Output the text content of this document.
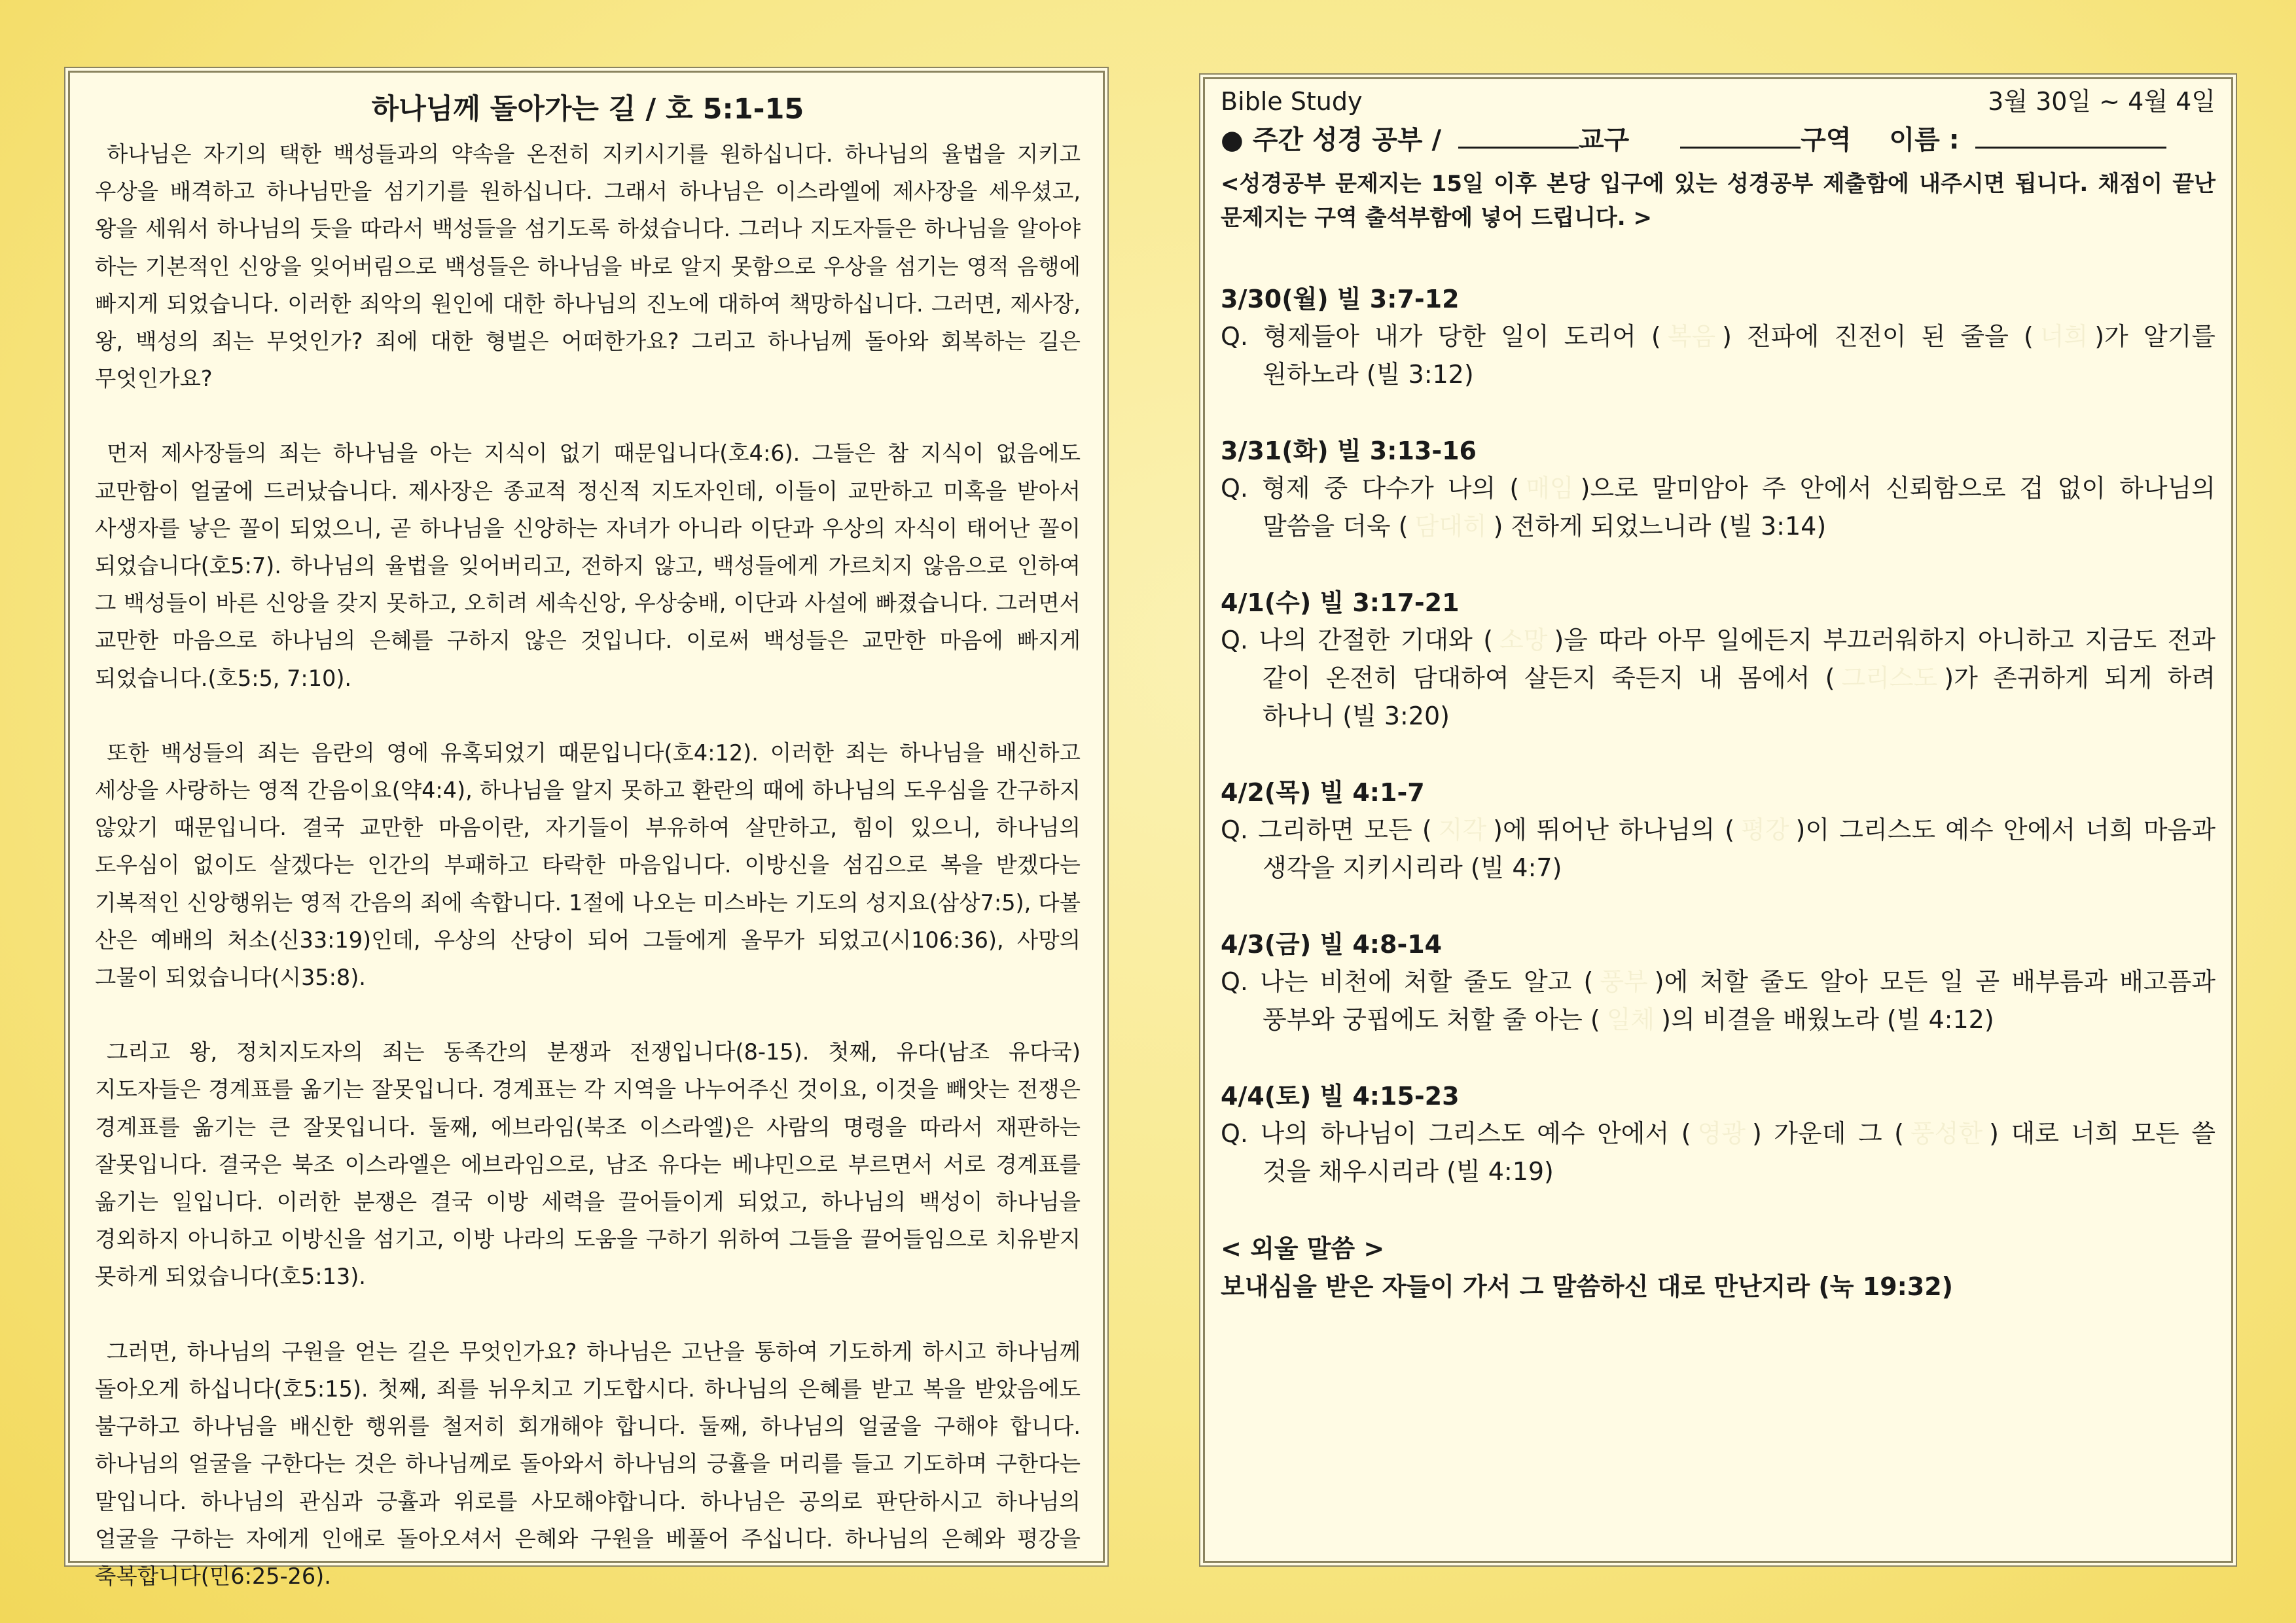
하나님께 돌아가는 길 / 호 5:1-15

하나님은 자기의 택한 백성들과의 약속을 온전히 지키시기를 원하십니다. 하나님의 율법을 지키고 우상을 배격하고 하나님만을 섬기기를 원하십니다. 그래서 하나님은 이스라엘에 제사장을 세우셨고, 왕을 세워서 하나님의 듯을 따라서 백성들을 섬기도록 하셨습니다. 그러나 지도자들은 하나님을 알아야 하는 기본적인 신앙을 잊어버림으로 백성들은 하나님을 바로 알지 못함으로 우상을 섬기는 영적 음행에 빠지게 되었습니다. 이러한 죄악의 원인에 대한 하나님의 진노에 대하여 책망하십니다. 그러면, 제사장, 왕, 백성의 죄는 무엇인가? 죄에 대한 형벌은 어떠한가요? 그리고 하나님께 돌아와 회복하는 길은 무엇인가요?

먼저 제사장들의 죄는 하나님을 아는 지식이 없기 때문입니다(호4:6). 그들은 참 지식이 없음에도 교만함이 얼굴에 드러났습니다. 제사장은 종교적 정신적 지도자인데, 이들이 교만하고 미혹을 받아서 사생자를 낳은 꼴이 되었으니, 곧 하나님을 신앙하는 자녀가 아니라 이단과 우상의 자식이 태어난 꼴이 되었습니다(호5:7). 하나님의 율법을 잊어버리고, 전하지 않고, 백성들에게 가르치지 않음으로 인하여 그 백성들이 바른 신앙을 갖지 못하고, 오히려 세속신앙, 우상숭배, 이단과 사설에 빠졌습니다. 그러면서 교만한 마음으로 하나님의 은혜를 구하지 않은 것입니다. 이로써 백성들은 교만한 마음에 빠지게 되었습니다.(호5:5, 7:10).

또한 백성들의 죄는 음란의 영에 유혹되었기 때문입니다(호4:12). 이러한 죄는 하나님을 배신하고 세상을 사랑하는 영적 간음이요(약4:4), 하나님을 알지 못하고 환란의 때에 하나님의 도우심을 간구하지 않았기 때문입니다. 결국 교만한 마음이란, 자기들이 부유하여 살만하고, 힘이 있으니, 하나님의 도우심이 없이도 살겠다는 인간의 부패하고 타락한 마음입니다. 이방신을 섬김으로 복을 받겠다는 기복적인 신앙행위는 영적 간음의 죄에 속합니다. 1절에 나오는 미스바는 기도의 성지요(삼상7:5), 다볼 산은 예배의 처소(신33:19)인데, 우상의 산당이 되어 그들에게 올무가 되었고(시106:36), 사망의 그물이 되었습니다(시35:8).

그리고 왕, 정치지도자의 죄는 동족간의 분쟁과 전쟁입니다(8-15). 첫째, 유다(남조 유다국) 지도자들은 경계표를 옮기는 잘못입니다. 경계표는 각 지역을 나누어주신 것이요, 이것을 빼앗는 전쟁은 경계표를 옮기는 큰 잘못입니다. 둘째, 에브라임(북조 이스라엘)은 사람의 명령을 따라서 재판하는 잘못입니다. 결국은 북조 이스라엘은 에브라임으로, 남조 유다는 베냐민으로 부르면서 서로 경계표를 옮기는 일입니다. 이러한 분쟁은 결국 이방 세력을 끌어들이게 되었고, 하나님의 백성이 하나님을 경외하지 아니하고 이방신을 섬기고, 이방 나라의 도움을 구하기 위하여 그들을 끌어들임으로 치유받지 못하게 되었습니다(호5:13).

그러면, 하나님의 구원을 얻는 길은 무엇인가요? 하나님은 고난을 통하여 기도하게 하시고 하나님께 돌아오게 하십니다(호5:15). 첫째, 죄를 뉘우치고 기도합시다. 하나님의 은혜를 받고 복을 받았음에도 불구하고 하나님을 배신한 행위를 철저히 회개해야 합니다. 둘째, 하나님의 얼굴을 구해야 합니다. 하나님의 얼굴을 구한다는 것은 하나님께로 돌아와서 하나님의 긍휼을 머리를 들고 기도하며 구한다는 말입니다. 하나님의 관심과 긍휼과 위로를 사모해야합니다. 하나님은 공의로 판단하시고 하나님의 얼굴을 구하는 자에게 인애로 돌아오셔서 은혜와 구원을 베풀어 주십니다. 하나님의 은혜와 평강을 축복합니다(민6:25-26).

Bible Study	3월 30일 ~ 4월 4일
● 주간 성경 공부 /	교구	구역 이름 :

<성경공부 문제지는 15일 이후 본당 입구에 있는 성경공부 제출함에 내주시면 됩니다. 채점이 끝난 문제지는 구역 출석부함에 넣어 드립니다. >

3/30(월) 빌 3:7-12
Q. 형제들아 내가 당한 일이 도리어 ( 복음 ) 전파에 진전이 된 줄을 ( 너희 )가 알기를 원하노라 (빌 3:12)
3/31(화) 빌 3:13-16
Q. 형제 중 다수가 나의 ( 매임 )으로 말미암아 주 안에서 신뢰함으로 겁 없이 하나님의 말씀을 더욱 ( 담대히 ) 전하게 되었느니라 (빌 3:14)
4/1(수) 빌 3:17-21
Q. 나의 간절한 기대와 ( 소망 )을 따라 아무 일에든지 부끄러워하지 아니하고 지금도 전과 같이 온전히 담대하여 살든지 죽든지 내 몸에서 ( 그리스도 )가 존귀하게 되게 하려 하나니 (빌 3:20)
4/2(목) 빌 4:1-7
Q. 그리하면 모든 ( 지각 )에 뛰어난 하나님의 ( 평강 )이 그리스도 예수 안에서 너희 마음과 생각을 지키시리라 (빌 4:7)
4/3(금) 빌 4:8-14
Q. 나는 비천에 처할 줄도 알고 ( 풍부 )에 처할 줄도 알아 모든 일 곧 배부름과 배고픔과 풍부와 궁핍에도 처할 줄 아는 ( 일체 )의 비결을 배웠노라 (빌 4:12)
4/4(토) 빌 4:15-23
Q. 나의 하나님이 그리스도 예수 안에서 ( 영광 ) 가운데 그 ( 풍성한 ) 대로 너희 모든 쓸 것을 채우시리라 (빌 4:19)
< 외울 말씀 >
보내심을 받은 자들이 가서 그 말씀하신 대로 만난지라 (눅 19:32)
